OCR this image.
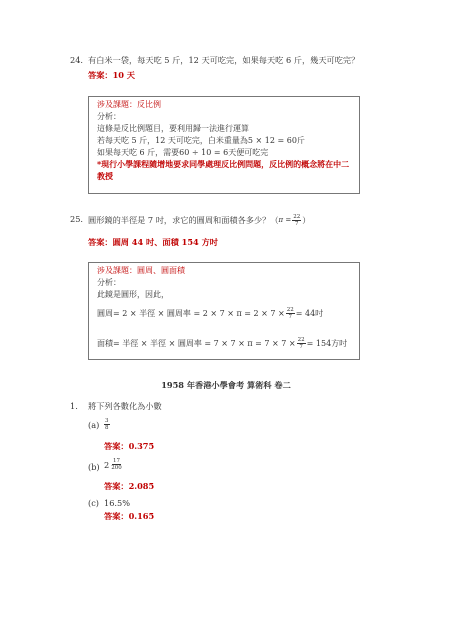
24. 有白米一袋，每天吃 5 斤，12 天可吃完，如果每天吃 6 斤，幾天可吃完？
答案：10 天
涉及課題：反比例
分析：
這條是反比例題目，要利用歸一法進行運算
若每天吃 5 斤，12 天可吃完，白米重量為5 × 12 = 60斤
如果每天吃 6 斤，需要60 ÷ 10 = 6天便可吃完
*現行小學課程隨增地要求同學處理反比例問題，反比例的概念將在中二
教授
25. 圓形鏡的半徑是 7 吋，求它的圓周和面積各多少？（ $\pi = \frac{22}{7}$ ）
答案：圓周 44 吋、面積 154 方吋
涉及課題：圓周、圓面積
分析：
此鏡是圓形，因此，
圓周= 2 × 半徑 × 圓周率 = $2 \times 7 \times \pi = 2 \times 7 \times \frac{22}{7} = 44$吋
面積= 半徑 × 半徑 × 圓周率 = $7 \times 7 \times \pi = 7 \times 7 \times \frac{22}{7} = 154$方吋
1958 年香港小學會考 算術科 卷二
1. 將下列各數化為小數
$(a) \frac{3}{8}$
答案：0.375
(b) $2 \frac{17}{200}$
答案：2.085
(c) 16.5%
答案：0.165
